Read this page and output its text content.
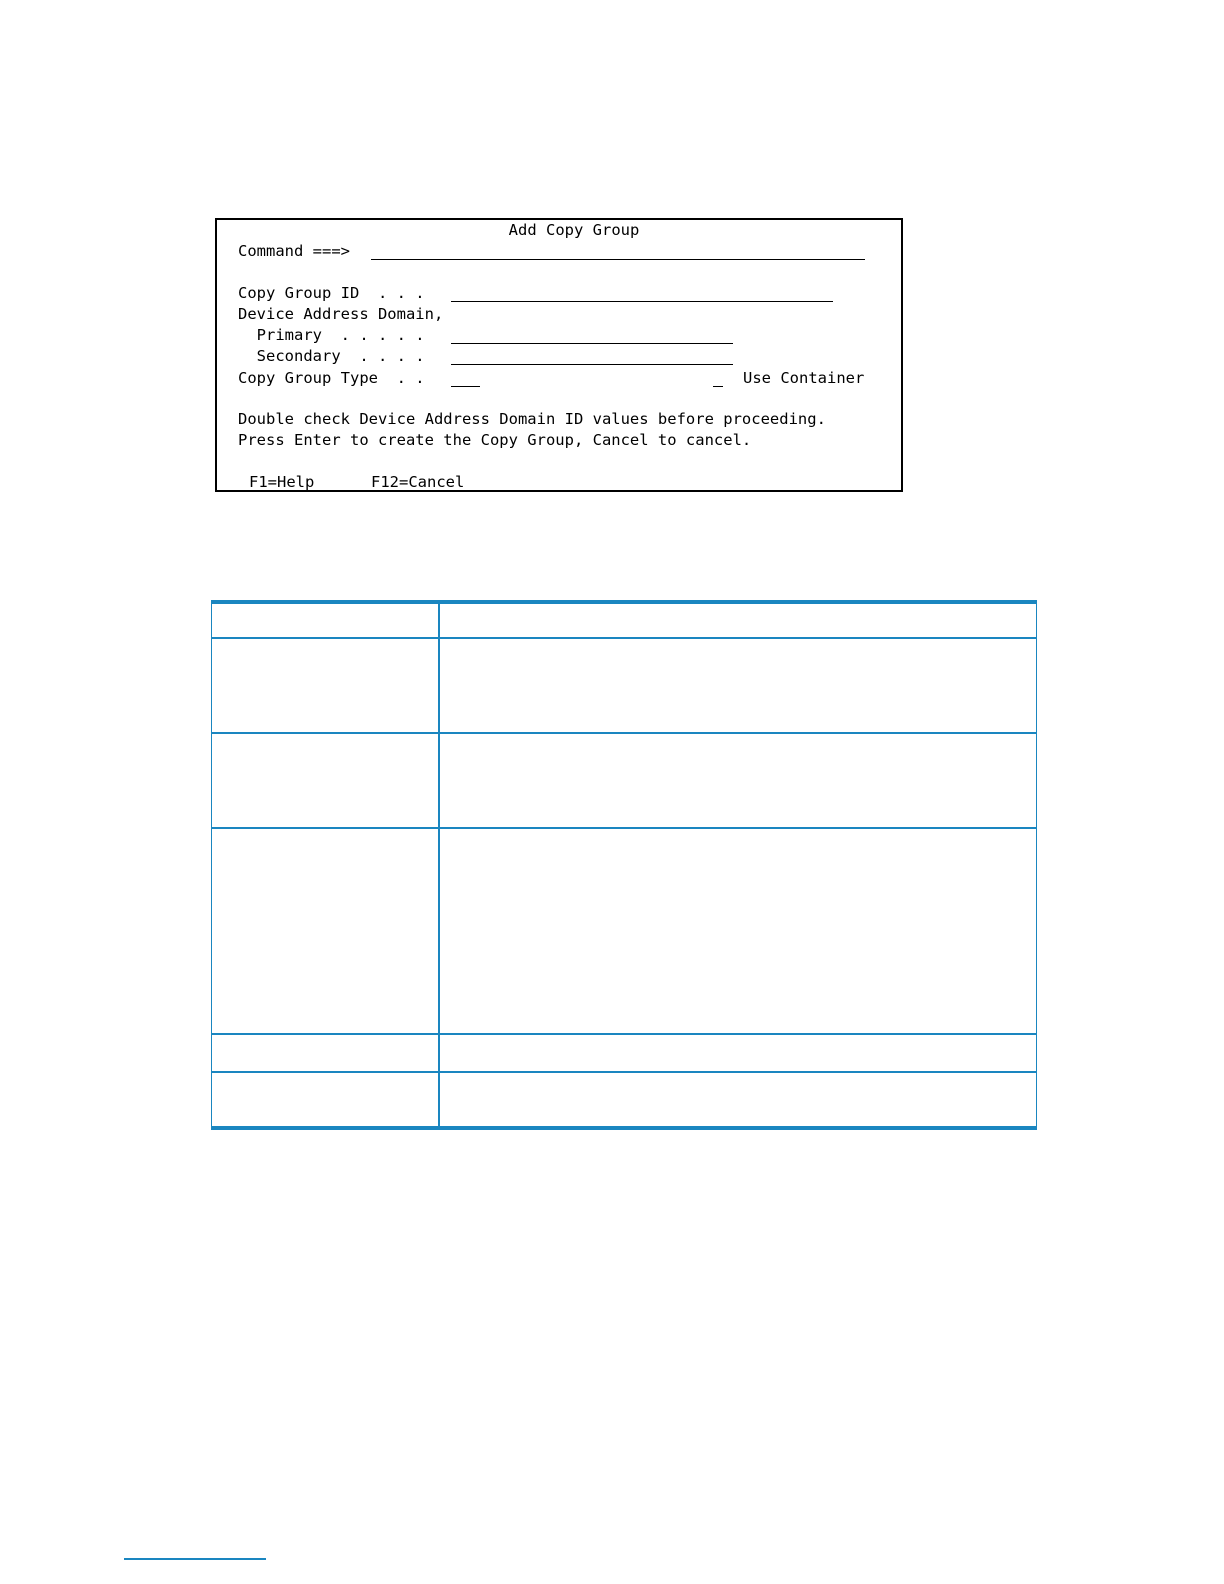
Add Copy Group
Command ===>
Copy Group ID  . . .
Device Address Domain,
Primary  . . . . .
Secondary  . . . .
Copy Group Type  . .	Use Container
Double check Device Address Domain ID values before proceeding.
Press Enter to create the Copy Group, Cancel to cancel.
F1=Help	F12=Cancel
